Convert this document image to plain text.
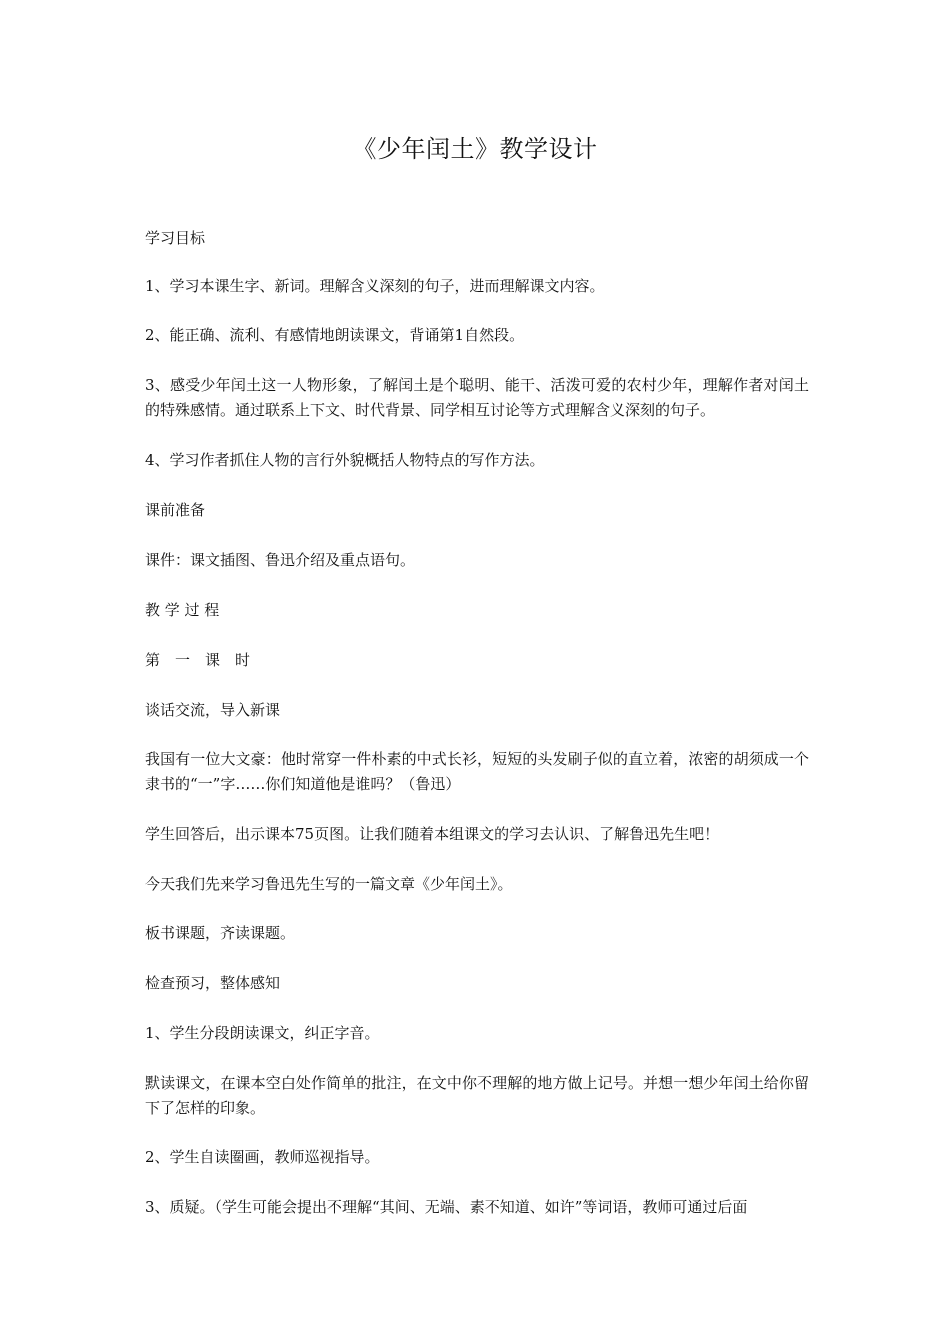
《少年闰土》教学设计

学习目标

1、学习本课生字、新词。理解含义深刻的句子，进而理解课文内容。

2、能正确、流利、有感情地朗读课文，背诵第1自然段。

3、感受少年闰土这一人物形象，了解闰土是个聪明、能干、活泼可爱的农村少年，理解作者对闰土的特殊感情。通过联系上下文、时代背景、同学相互讨论等方式理解含义深刻的句子。

4、学习作者抓住人物的言行外貌概括人物特点的写作方法。

课前准备

课件：课文插图、鲁迅介绍及重点语句。

教 学 过 程

第　一　课　时

谈话交流，导入新课

我国有一位大文豪：他时常穿一件朴素的中式长衫，短短的头发刷子似的直立着，浓密的胡须成一个隶书的“一”字……你们知道他是谁吗？（鲁迅）

学生回答后，出示课本75页图。让我们随着本组课文的学习去认识、了解鲁迅先生吧！

今天我们先来学习鲁迅先生写的一篇文章《少年闰土》。

板书课题，齐读课题。

检查预习，整体感知

1、学生分段朗读课文，纠正字音。

默读课文，在课本空白处作简单的批注，在文中你不理解的地方做上记号。并想一想少年闰土给你留下了怎样的印象。

2、学生自读圈画，教师巡视指导。

3、质疑。（学生可能会提出不理解“其间、无端、素不知道、如许”等词语，教师可通过后面
